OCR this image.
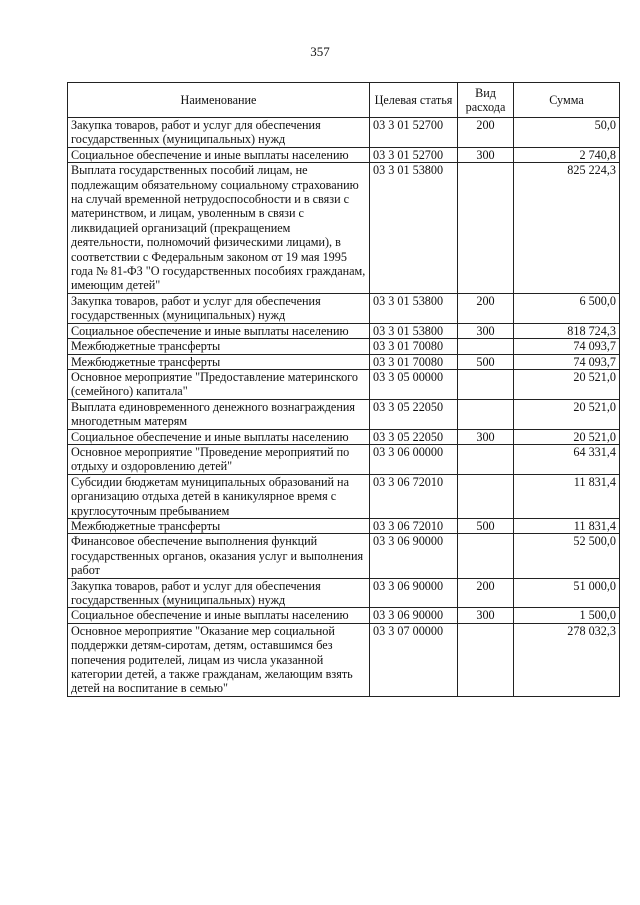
357
Наименование	Целевая статья	Вид расхода	Сумма
Закупка товаров, работ и услуг для обеспечения государственных (муниципальных) нужд	03 3 01 52700	200	50,0
Социальное обеспечение и иные выплаты населению	03 3 01 52700	300	2 740,8
Выплата государственных пособий лицам, не подлежащим обязательному социальному страхованию на случай временной нетрудоспособности и в связи с материнством, и лицам, уволенным в связи с ликвидацией организаций (прекращением деятельности, полномочий физическими лицами), в соответствии с Федеральным законом от 19 мая 1995 года № 81-ФЗ "О государственных пособиях гражданам, имеющим детей"	03 3 01 53800		825 224,3
Закупка товаров, работ и услуг для обеспечения государственных (муниципальных) нужд	03 3 01 53800	200	6 500,0
Социальное обеспечение и иные выплаты населению	03 3 01 53800	300	818 724,3
Межбюджетные трансферты	03 3 01 70080		74 093,7
Межбюджетные трансферты	03 3 01 70080	500	74 093,7
Основное мероприятие "Предоставление материнского (семейного) капитала"	03 3 05 00000		20 521,0
Выплата единовременного денежного вознаграждения многодетным матерям	03 3 05 22050		20 521,0
Социальное обеспечение и иные выплаты населению	03 3 05 22050	300	20 521,0
Основное мероприятие "Проведение мероприятий по отдыху и оздоровлению детей"	03 3 06 00000		64 331,4
Субсидии бюджетам муниципальных образований на организацию отдыха детей в каникулярное время с круглосуточным пребыванием	03 3 06 72010		11 831,4
Межбюджетные трансферты	03 3 06 72010	500	11 831,4
Финансовое обеспечение выполнения функций государственных органов, оказания услуг и выполнения работ	03 3 06 90000		52 500,0
Закупка товаров, работ и услуг для обеспечения государственных (муниципальных) нужд	03 3 06 90000	200	51 000,0
Социальное обеспечение и иные выплаты населению	03 3 06 90000	300	1 500,0
Основное мероприятие "Оказание мер социальной поддержки детям-сиротам, детям, оставшимся без попечения родителей, лицам из числа указанной категории детей, а также гражданам, желающим взять детей на воспитание в семью"	03 3 07 00000		278 032,3
